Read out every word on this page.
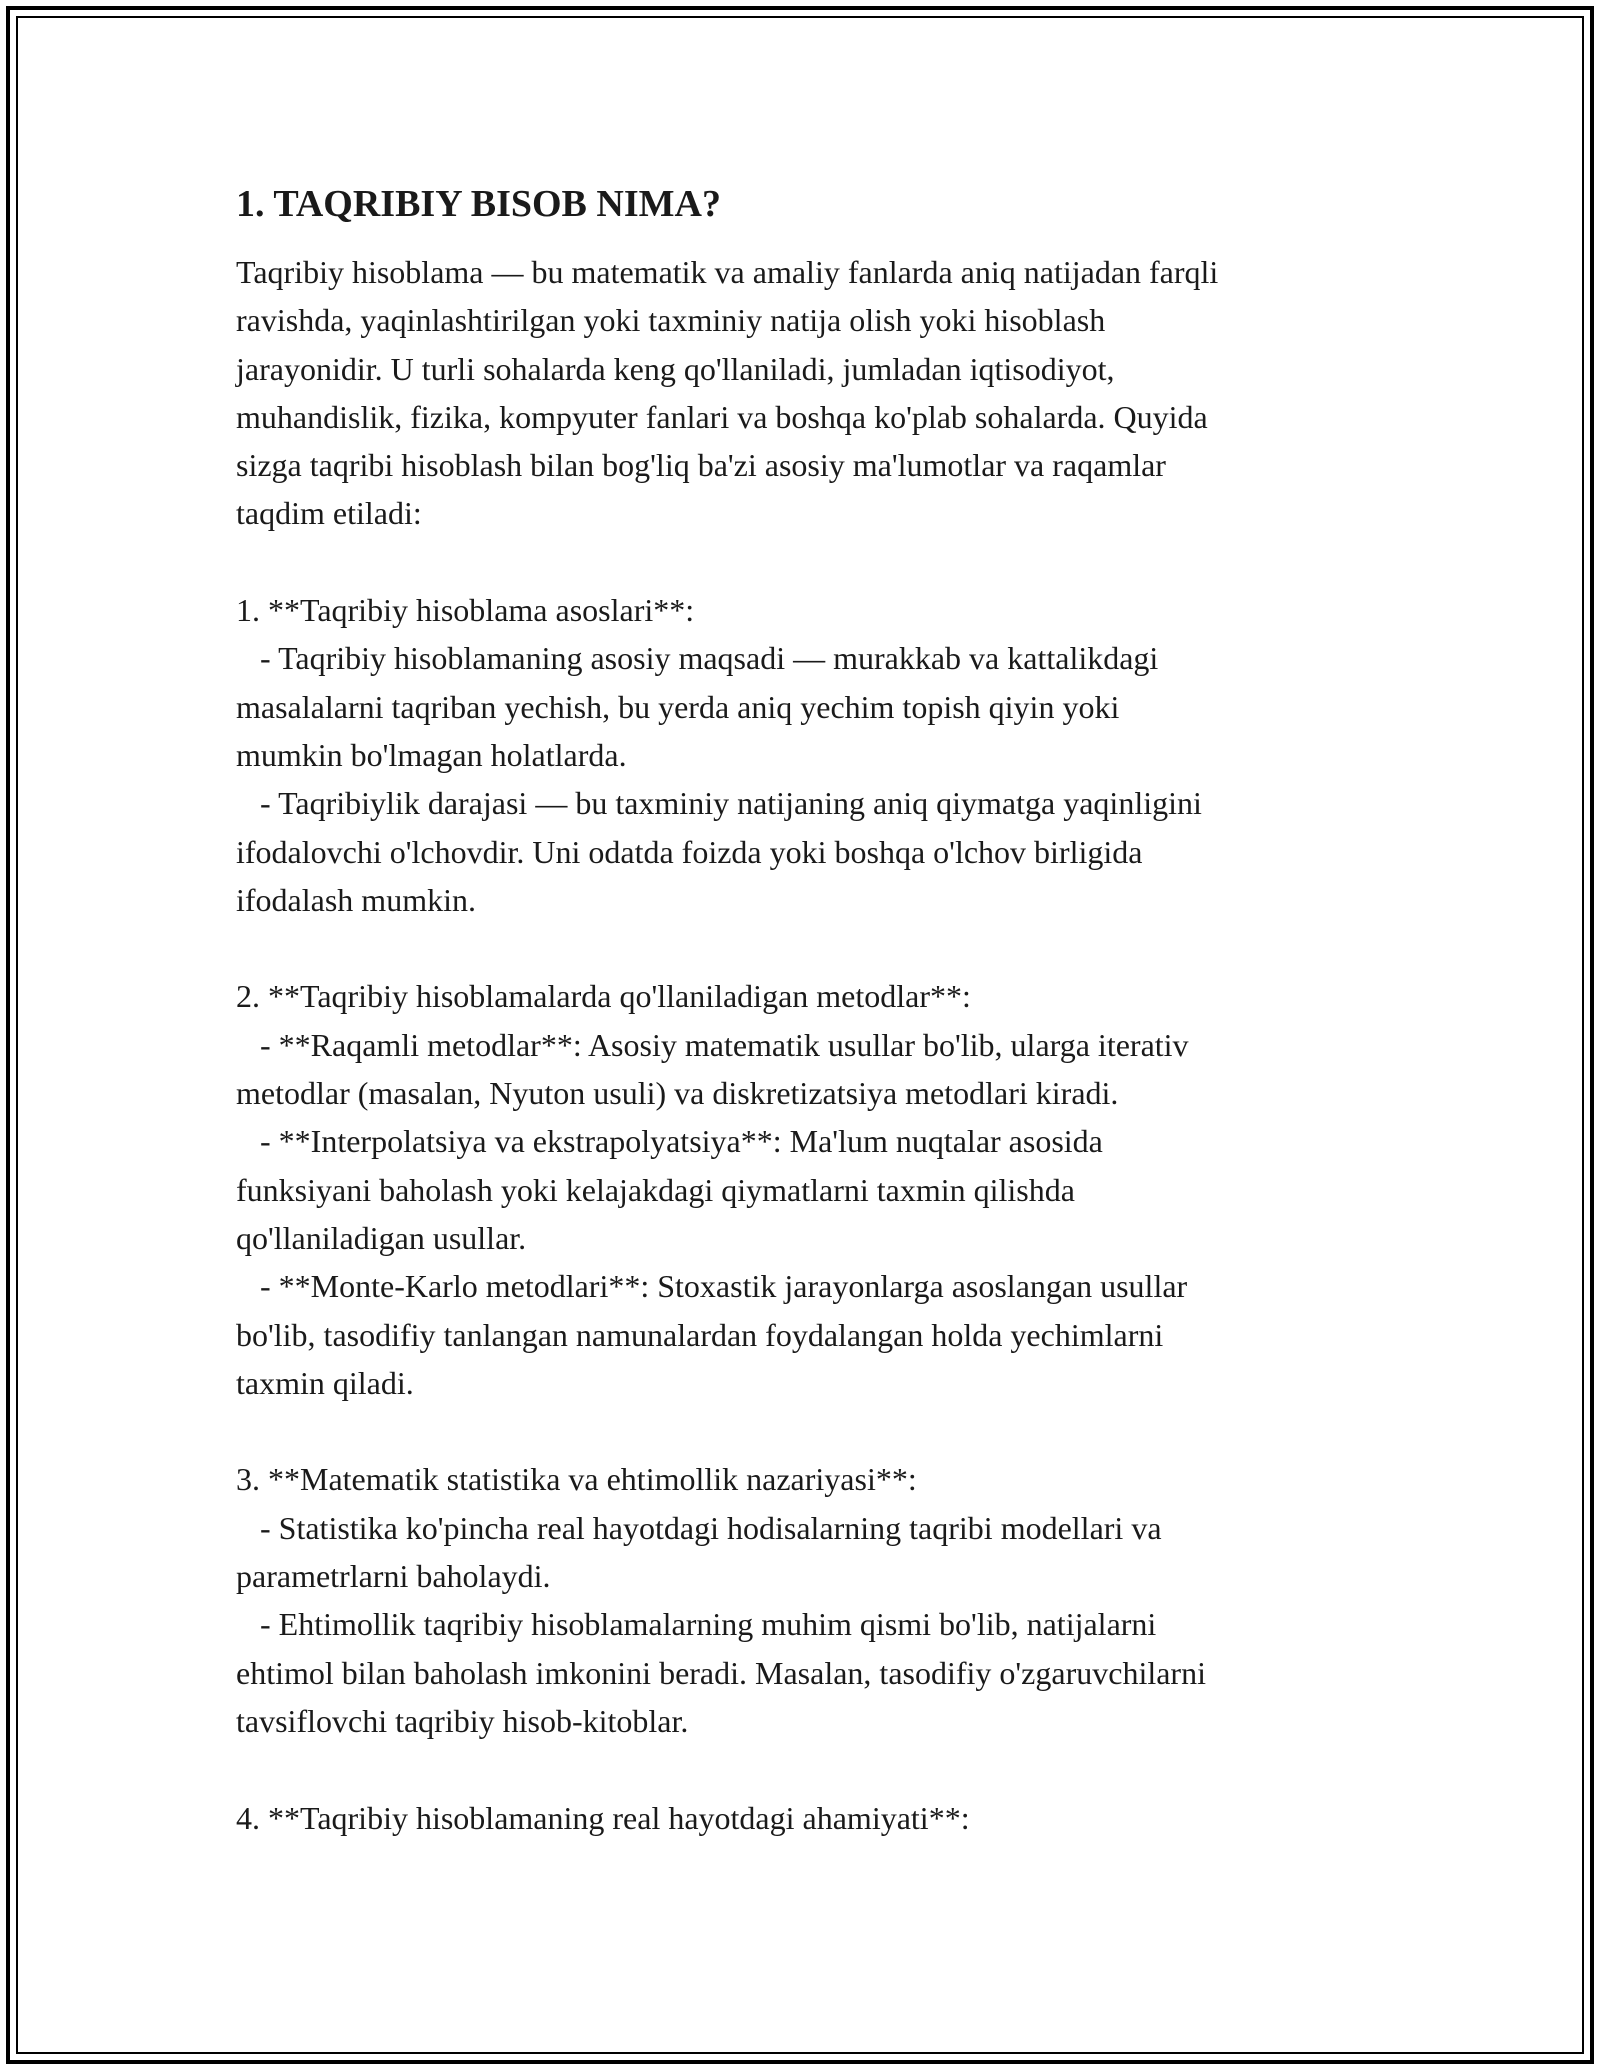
1. TAQRIBIY BISOB NIMA?
Taqribiy hisoblama — bu matematik va amaliy fanlarda aniq natijadan farqli
ravishda, yaqinlashtirilgan yoki taxminiy natija olish yoki hisoblash
jarayonidir. U turli sohalarda keng qo'llaniladi, jumladan iqtisodiyot,
muhandislik, fizika, kompyuter fanlari va boshqa ko'plab sohalarda. Quyida
sizga taqribi hisoblash bilan bog'liq ba'zi asosiy ma'lumotlar va raqamlar
taqdim etiladi:
1. **Taqribiy hisoblama asoslari**:
- Taqribiy hisoblamaning asosiy maqsadi — murakkab va kattalikdagi
masalalarni taqriban yechish, bu yerda aniq yechim topish qiyin yoki
mumkin bo'lmagan holatlarda.
- Taqribiylik darajasi — bu taxminiy natijaning aniq qiymatga yaqinligini
ifodalovchi o'lchovdir. Uni odatda foizda yoki boshqa o'lchov birligida
ifodalash mumkin.
2. **Taqribiy hisoblamalarda qo'llaniladigan metodlar**:
- **Raqamli metodlar**: Asosiy matematik usullar bo'lib, ularga iterativ
metodlar (masalan, Nyuton usuli) va diskretizatsiya metodlari kiradi.
- **Interpolatsiya va ekstrapolyatsiya**: Ma'lum nuqtalar asosida
funksiyani baholash yoki kelajakdagi qiymatlarni taxmin qilishda
qo'llaniladigan usullar.
- **Monte-Karlo metodlari**: Stoxastik jarayonlarga asoslangan usullar
bo'lib, tasodifiy tanlangan namunalardan foydalangan holda yechimlarni
taxmin qiladi.
3. **Matematik statistika va ehtimollik nazariyasi**:
- Statistika ko'pincha real hayotdagi hodisalarning taqribi modellari va
parametrlarni baholaydi.
- Ehtimollik taqribiy hisoblamalarning muhim qismi bo'lib, natijalarni
ehtimol bilan baholash imkonini beradi. Masalan, tasodifiy o'zgaruvchilarni
tavsiflovchi taqribiy hisob-kitoblar.
4. **Taqribiy hisoblamaning real hayotdagi ahamiyati**:
